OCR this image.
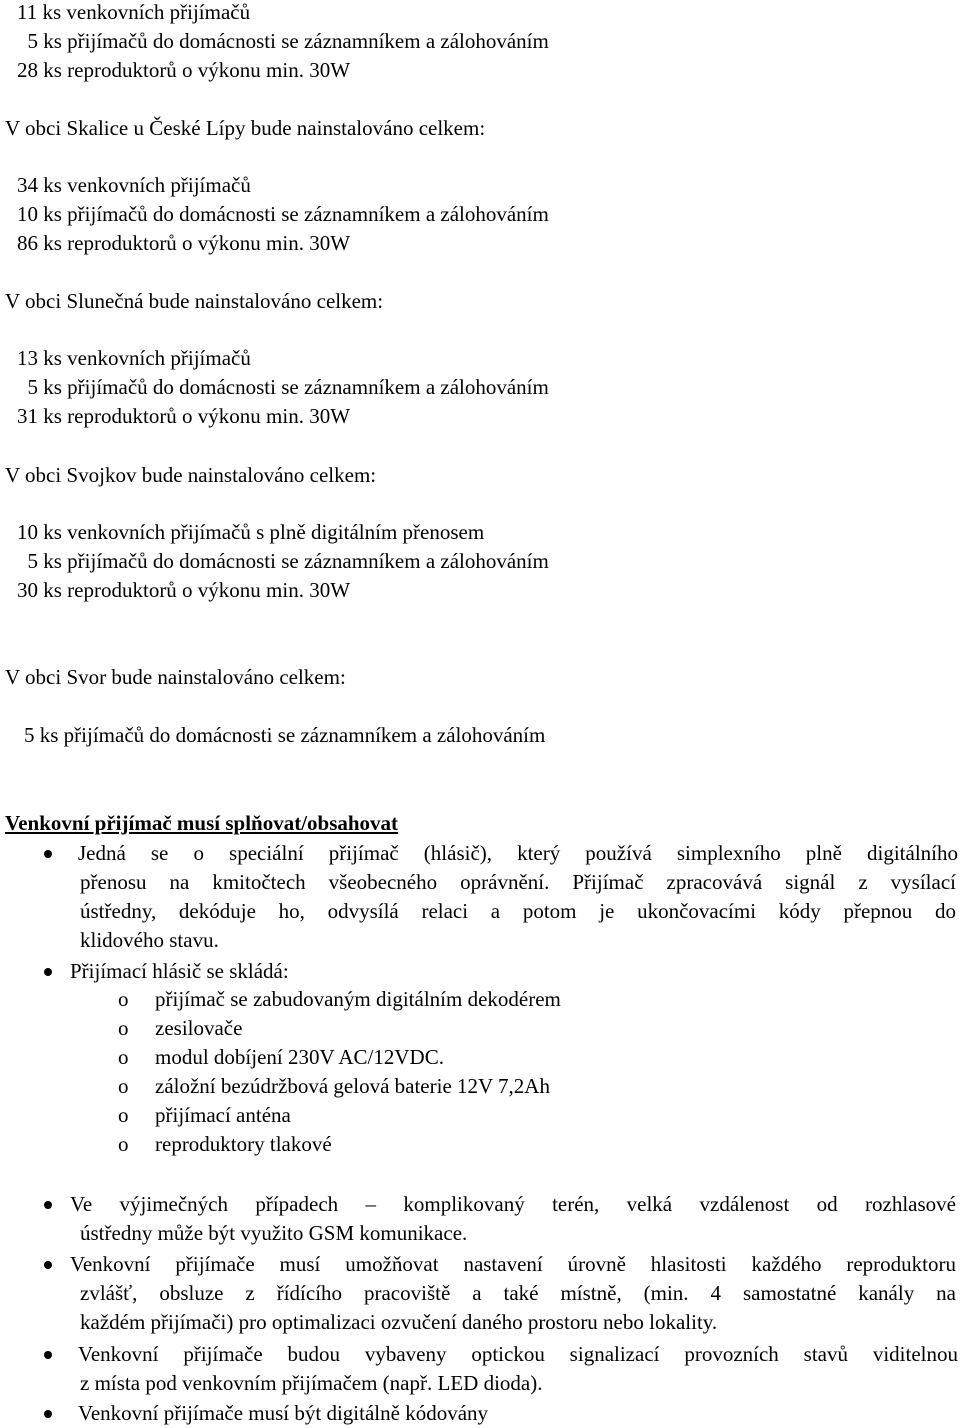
11 ks venkovních přijímačů
5 ks přijímačů do domácnosti se záznamníkem a zálohováním
28 ks reproduktorů o výkonu min. 30W
V obci Skalice u České Lípy bude nainstalováno celkem:
34 ks venkovních přijímačů
10 ks přijímačů do domácnosti se záznamníkem a zálohováním
86 ks reproduktorů o výkonu min. 30W
V obci Slunečná bude nainstalováno celkem:
13 ks venkovních přijímačů
5 ks přijímačů do domácnosti se záznamníkem a zálohováním
31 ks reproduktorů o výkonu min. 30W
V obci Svojkov bude nainstalováno celkem:
10 ks venkovních přijímačů s plně digitálním přenosem
5 ks přijímačů do domácnosti se záznamníkem a zálohováním
30 ks reproduktorů o výkonu min. 30W
V obci Svor bude nainstalováno celkem:
5 ks přijímačů do domácnosti se záznamníkem a zálohováním
Venkovní přijímač musí splňovat/obsahovat
Jedná se o speciální přijímač (hlásič), který používá simplexního plně digitálního
přenosu na kmitočtech všeobecného oprávnění. Přijímač zpracovává signál z vysílací
ústředny, dekóduje ho, odvysílá relaci a potom je ukončovacími kódy přepnou do
klidového stavu.
Přijímací hlásič se skládá:
o přijímač se zabudovaným digitálním dekodérem
o zesilovače
o modul dobíjení 230V AC/12VDC.
o záložní bezúdržbová gelová baterie 12V 7,2Ah
o přijímací anténa
o reproduktory tlakové
Ve výjimečných případech – komplikovaný terén, velká vzdálenost od rozhlasové
ústředny může být využito GSM komunikace.
Venkovní přijímače musí umožňovat nastavení úrovně hlasitosti každého reproduktoru
zvlášť, obsluze z řídícího pracoviště a také místně, (min. 4 samostatné kanály na
každém přijímači) pro optimalizaci ozvučení daného prostoru nebo lokality.
Venkovní přijímače budou vybaveny optickou signalizací provozních stavů viditelnou
z místa pod venkovním přijímačem (např. LED dioda).
Venkovní přijímače musí být digitálně kódovány
